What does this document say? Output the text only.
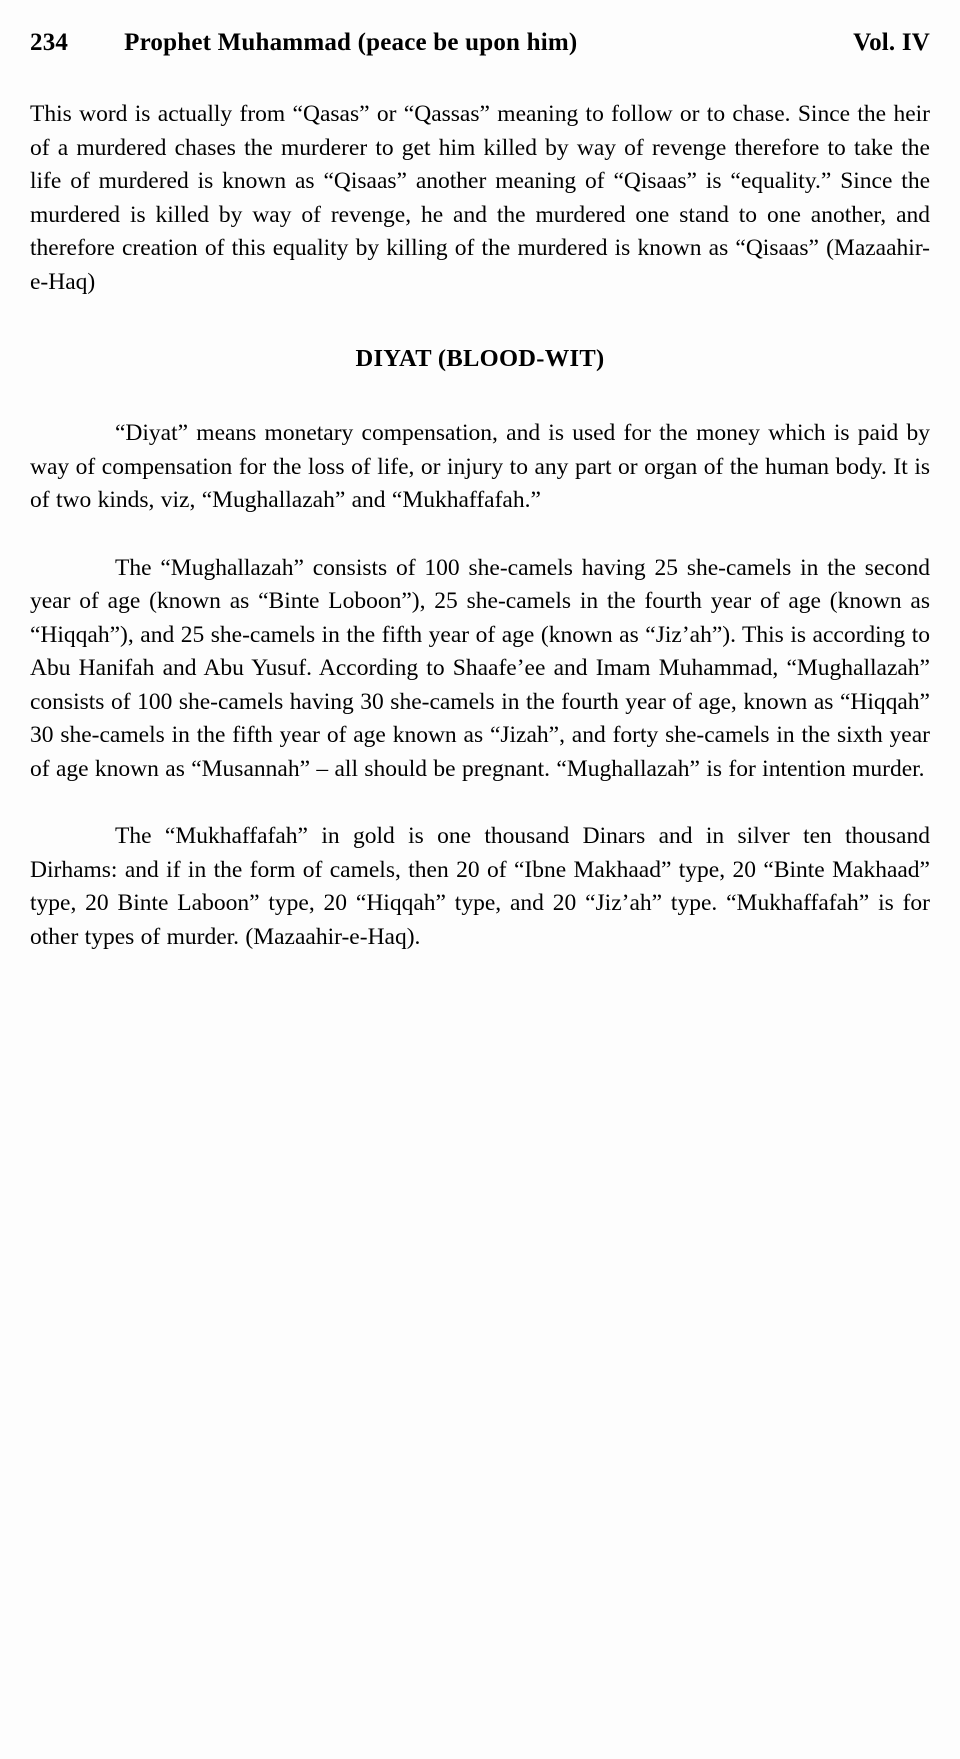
234 Prophet Muhammad (peace be upon him)	Vol. IV

This word is actually from “Qasas” or “Qassas” meaning to follow or to chase. Since the heir of a murdered chases the murderer to get him killed by way of revenge therefore to take the life of murdered is known as “Qisaas” another meaning of “Qisaas” is “equality.” Since the murdered is killed by way of revenge, he and the murdered one stand to one another, and therefore creation of this equality by killing of the murdered is known as “Qisaas” (Mazaahir-e-Haq)

DIYAT (BLOOD-WIT)

“Diyat” means monetary compensation, and is used for the money which is paid by way of compensation for the loss of life, or injury to any part or organ of the human body. It is of two kinds, viz, “Mughallazah” and “Mukhaffafah.”

The “Mughallazah” consists of 100 she-camels having 25 she-camels in the second year of age (known as “Binte Loboon”), 25 she-camels in the fourth year of age (known as “Hiqqah”), and 25 she-camels in the fifth year of age (known as “Jiz’ah”). This is according to Abu Hanifah and Abu Yusuf. According to Shaafe’ee and Imam Muhammad, “Mughallazah” consists of 100 she-camels having 30 she-camels in the fourth year of age, known as “Hiqqah” 30 she-camels in the fifth year of age known as “Jizah”, and forty she-camels in the sixth year of age known as “Musannah” – all should be pregnant. “Mughallazah” is for intention murder.

The “Mukhaffafah” in gold is one thousand Dinars and in silver ten thousand Dirhams: and if in the form of camels, then 20 of “Ibne Makhaad” type, 20 “Binte Makhaad” type, 20 Binte Laboon” type, 20 “Hiqqah” type, and 20 “Jiz’ah” type. “Mukhaffafah” is for other types of murder. (Mazaahir-e-Haq).
